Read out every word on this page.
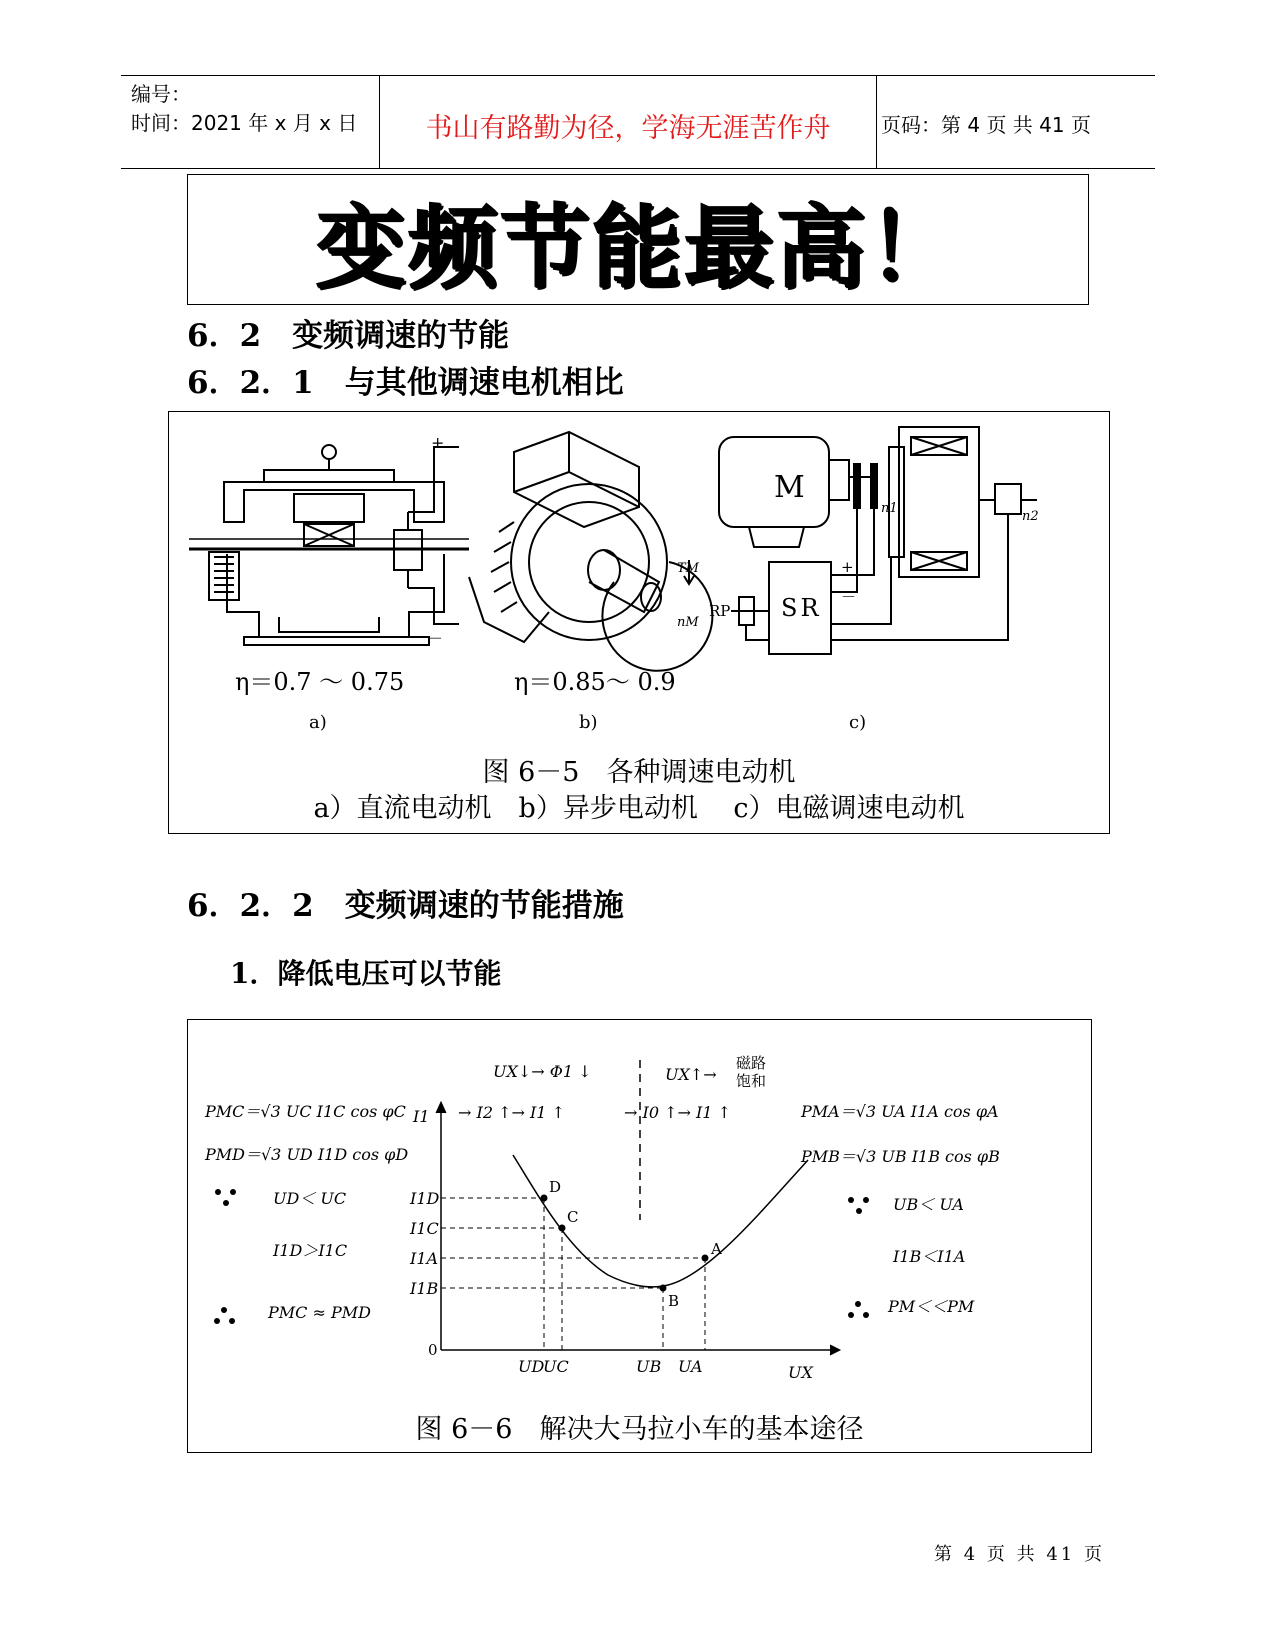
编号：
时间：2021 年 x 月 x 日	书山有路勤为径，学海无涯苦作舟	页码：第 4 页 共 41 页
变频节能最高！
6．2　变频调速的节能
6．2．1　与其他调速电机相比
+
－
TM
nM
M
n1
n2
SR
RP
+
－
η＝0.7 ～ 0.75	η＝0.85～ 0.9
a)	b)	c)
图 6－5　各种调速电动机
a）直流电动机　b）异步电动机　 c）电磁调速电动机
6．2．2　变频调速的节能措施
1．降低电压可以节能
PMC＝√3 UC I1C cos φC
PMD＝√3 UD I1D cos φD
UD＜ UC
I1D＞I1C
PMC ≈ PMD
PMA＝√3 UA I1A cos φA
PMB＝√3 UB I1B cos φB
UB＜ UA
I1B＜I1A
PM＜＜PM
UX↓→ Φ1 ↓
→ I2 ↑→ I1 ↑
UX↑→
→ I0 ↑→ I1 ↑
I1
UX
I1D
I1C
I1A
I1B
UD
UC	UB UA
磁路
饱和
0
D
C
B
A
图 6－6　解决大马拉小车的基本途径
第 4 页 共 41 页
